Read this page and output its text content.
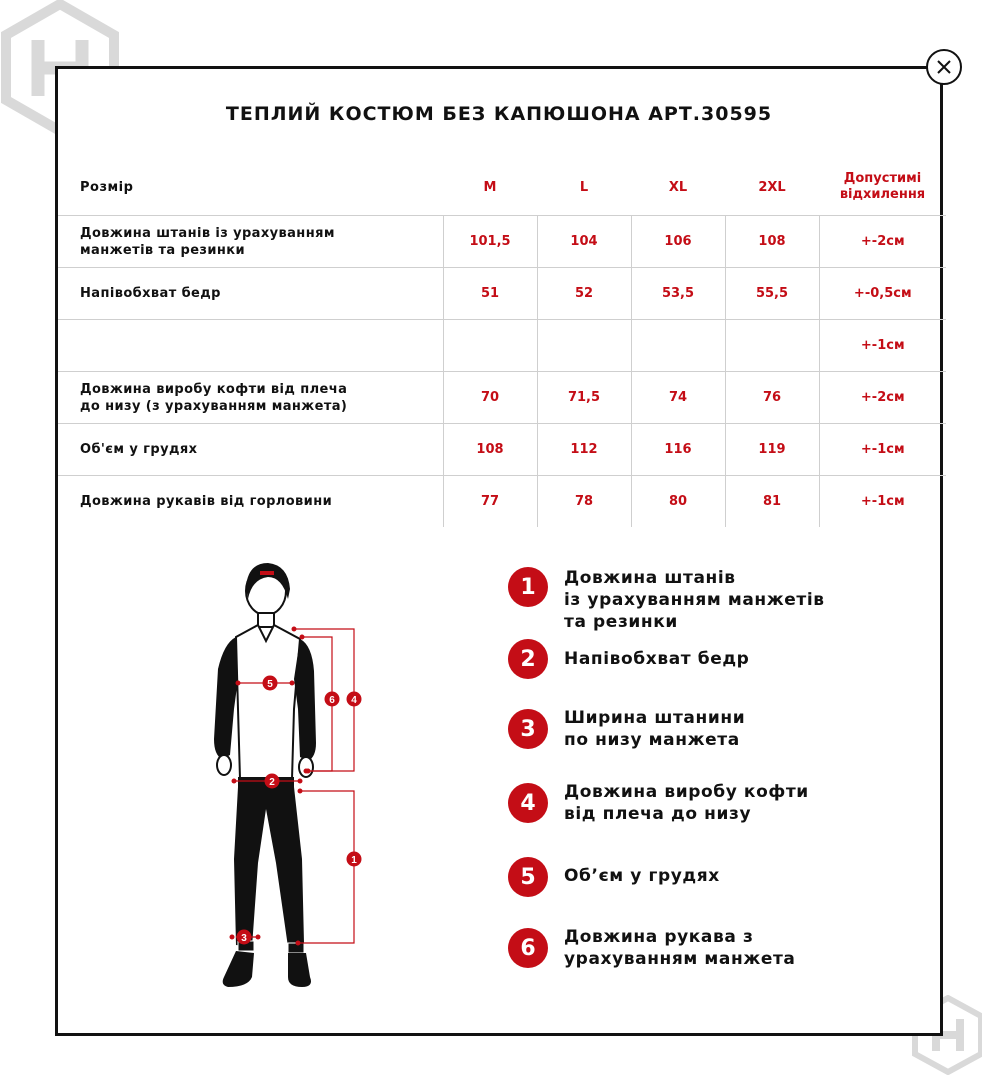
ТЕПЛИЙ КОСТЮМ БЕЗ КАПЮШОНА АРТ.30595
Розмір	M	L	XL	2XL	Допустимі відхилення
Довжина штанів із урахуванням
манжетів та резинки	101,5	104	106	108	+-2см
Напівобхват бедр	51	52	53,5	55,5	+-0,5см
					+-1см
Довжина виробу кофти від плеча
до низу (з урахуванням манжета)	70	71,5	74	76	+-2см
Об'єм у грудях	108	112	116	119	+-1см
Довжина рукавів від горловини	77	78	80	81	+-1см
5
6 4
2
1
3
1	Довжина штанів
із урахуванням манжетів
та резинки
2	Напівобхват бедр
3	Ширина штанини
по низу манжета
4	Довжина виробу кофти
від плеча до низу
5	Об’єм у грудях
6	Довжина рукава з
урахуванням манжета
